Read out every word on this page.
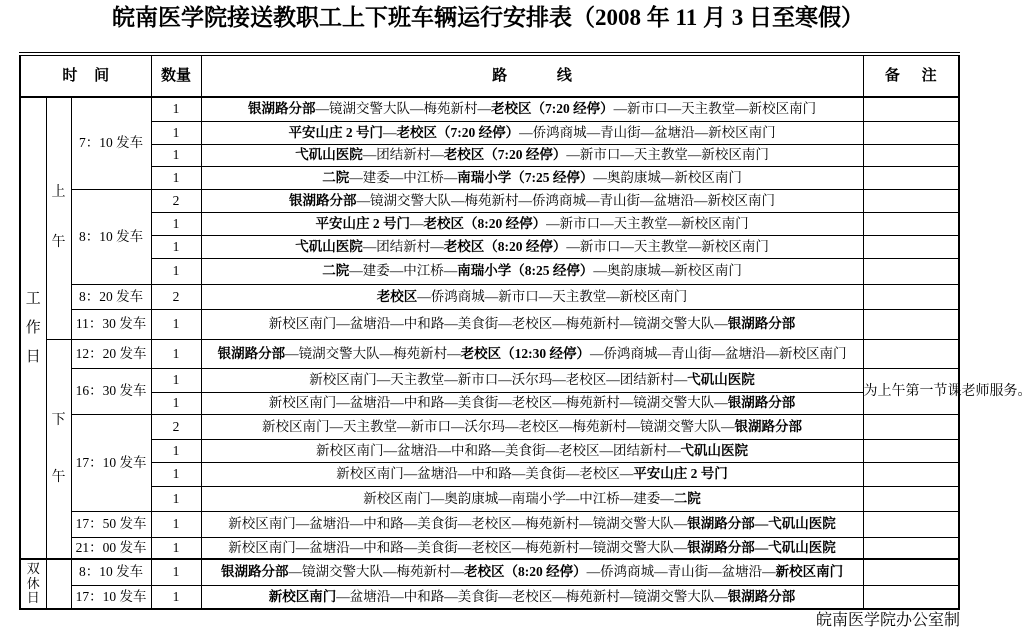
皖南医学院接送教职工上下班车辆运行安排表（2008 年 11 月 3 日至寒假）
时 间			数量	路 线	备 注

工作日	上午	7：10 发车	1	银湖路分部—镜湖交警大队—梅苑新村—老校区（7:20 经停）—新市口—天主教堂—新校区南门	
			1	平安山庄 2 号门—老校区（7:20 经停）—侨鸿商城—青山街—盆塘沿—新校区南门	
			1	弋矶山医院—团结新村—老校区（7:20 经停）—新市口—天主教堂—新校区南门	
			1	二院—建委—中江桥—南瑞小学（7:25 经停）—奥韵康城—新校区南门	
		8：10 发车	2	银湖路分部—镜湖交警大队—梅苑新村—侨鸿商城—青山街—盆塘沿—新校区南门	
			1	平安山庄 2 号门—老校区（8:20 经停）—新市口—天主教堂—新校区南门	
			1	弋矶山医院—团结新村—老校区（8:20 经停）—新市口—天主教堂—新校区南门	
			1	二院—建委—中江桥—南瑞小学（8:25 经停）—奥韵康城—新校区南门	
		8：20 发车	2	老校区—侨鸿商城—新市口—天主教堂—新校区南门	
		11：30 发车	1	新校区南门—盆塘沿—中和路—美食街—老校区—梅苑新村—镜湖交警大队—银湖路分部	

	下午	12：20 发车	1	银湖路分部—镜湖交警大队—梅苑新村—老校区（12:30 经停）—侨鸿商城—青山街—盆塘沿—新校区南门	
		16：30 发车	1	新校区南门—天主教堂—新市口—沃尔玛—老校区—团结新村—弋矶山医院	为上午第一节课老师服务。
			1	新校区南门—盆塘沿—中和路—美食街—老校区—梅苑新村—镜湖交警大队—银湖路分部	
		17：10 发车	2	新校区南门—天主教堂—新市口—沃尔玛—老校区—梅苑新村—镜湖交警大队—银湖路分部	
			1	新校区南门—盆塘沿—中和路—美食街—老校区—团结新村—弋矶山医院	
			1	新校区南门—盆塘沿—中和路—美食街—老校区—平安山庄 2 号门	
			1	新校区南门—奥韵康城—南瑞小学—中江桥—建委—二院	
		17：50 发车	1	新校区南门—盆塘沿—中和路—美食街—老校区—梅苑新村—镜湖交警大队—银湖路分部—弋矶山医院	
		21：00 发车	1	新校区南门—盆塘沿—中和路—美食街—老校区—梅苑新村—镜湖交警大队—银湖路分部—弋矶山医院	

双休日		8：10 发车	1	银湖路分部—镜湖交警大队—梅苑新村—老校区（8:20 经停）—侨鸿商城—青山街—盆塘沿—新校区南门	
		17：10 发车	1	新校区南门—盆塘沿—中和路—美食街—老校区—梅苑新村—镜湖交警大队—银湖路分部	
皖南医学院办公室制
